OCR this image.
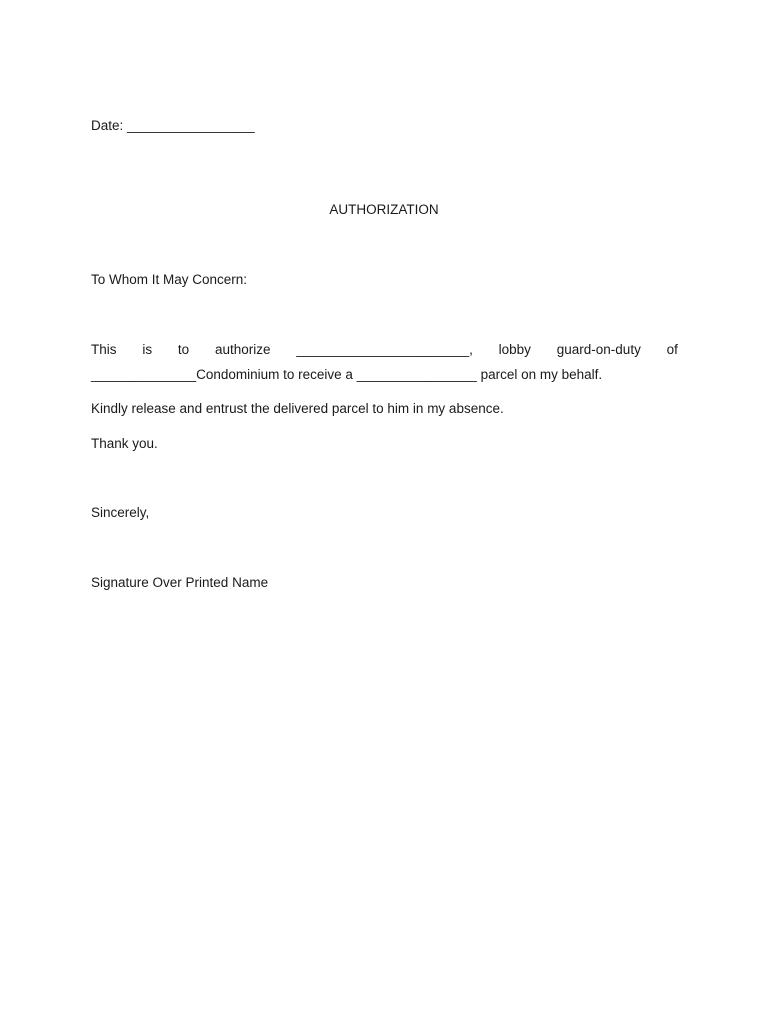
Date: _________________
AUTHORIZATION
To Whom It May Concern:
This is to authorize _______________________, lobby guard-on-duty of
______________Condominium to receive a ________________ parcel on my behalf.
Kindly release and entrust the delivered parcel to him in my absence.
Thank you.
Sincerely,
Signature Over Printed Name
